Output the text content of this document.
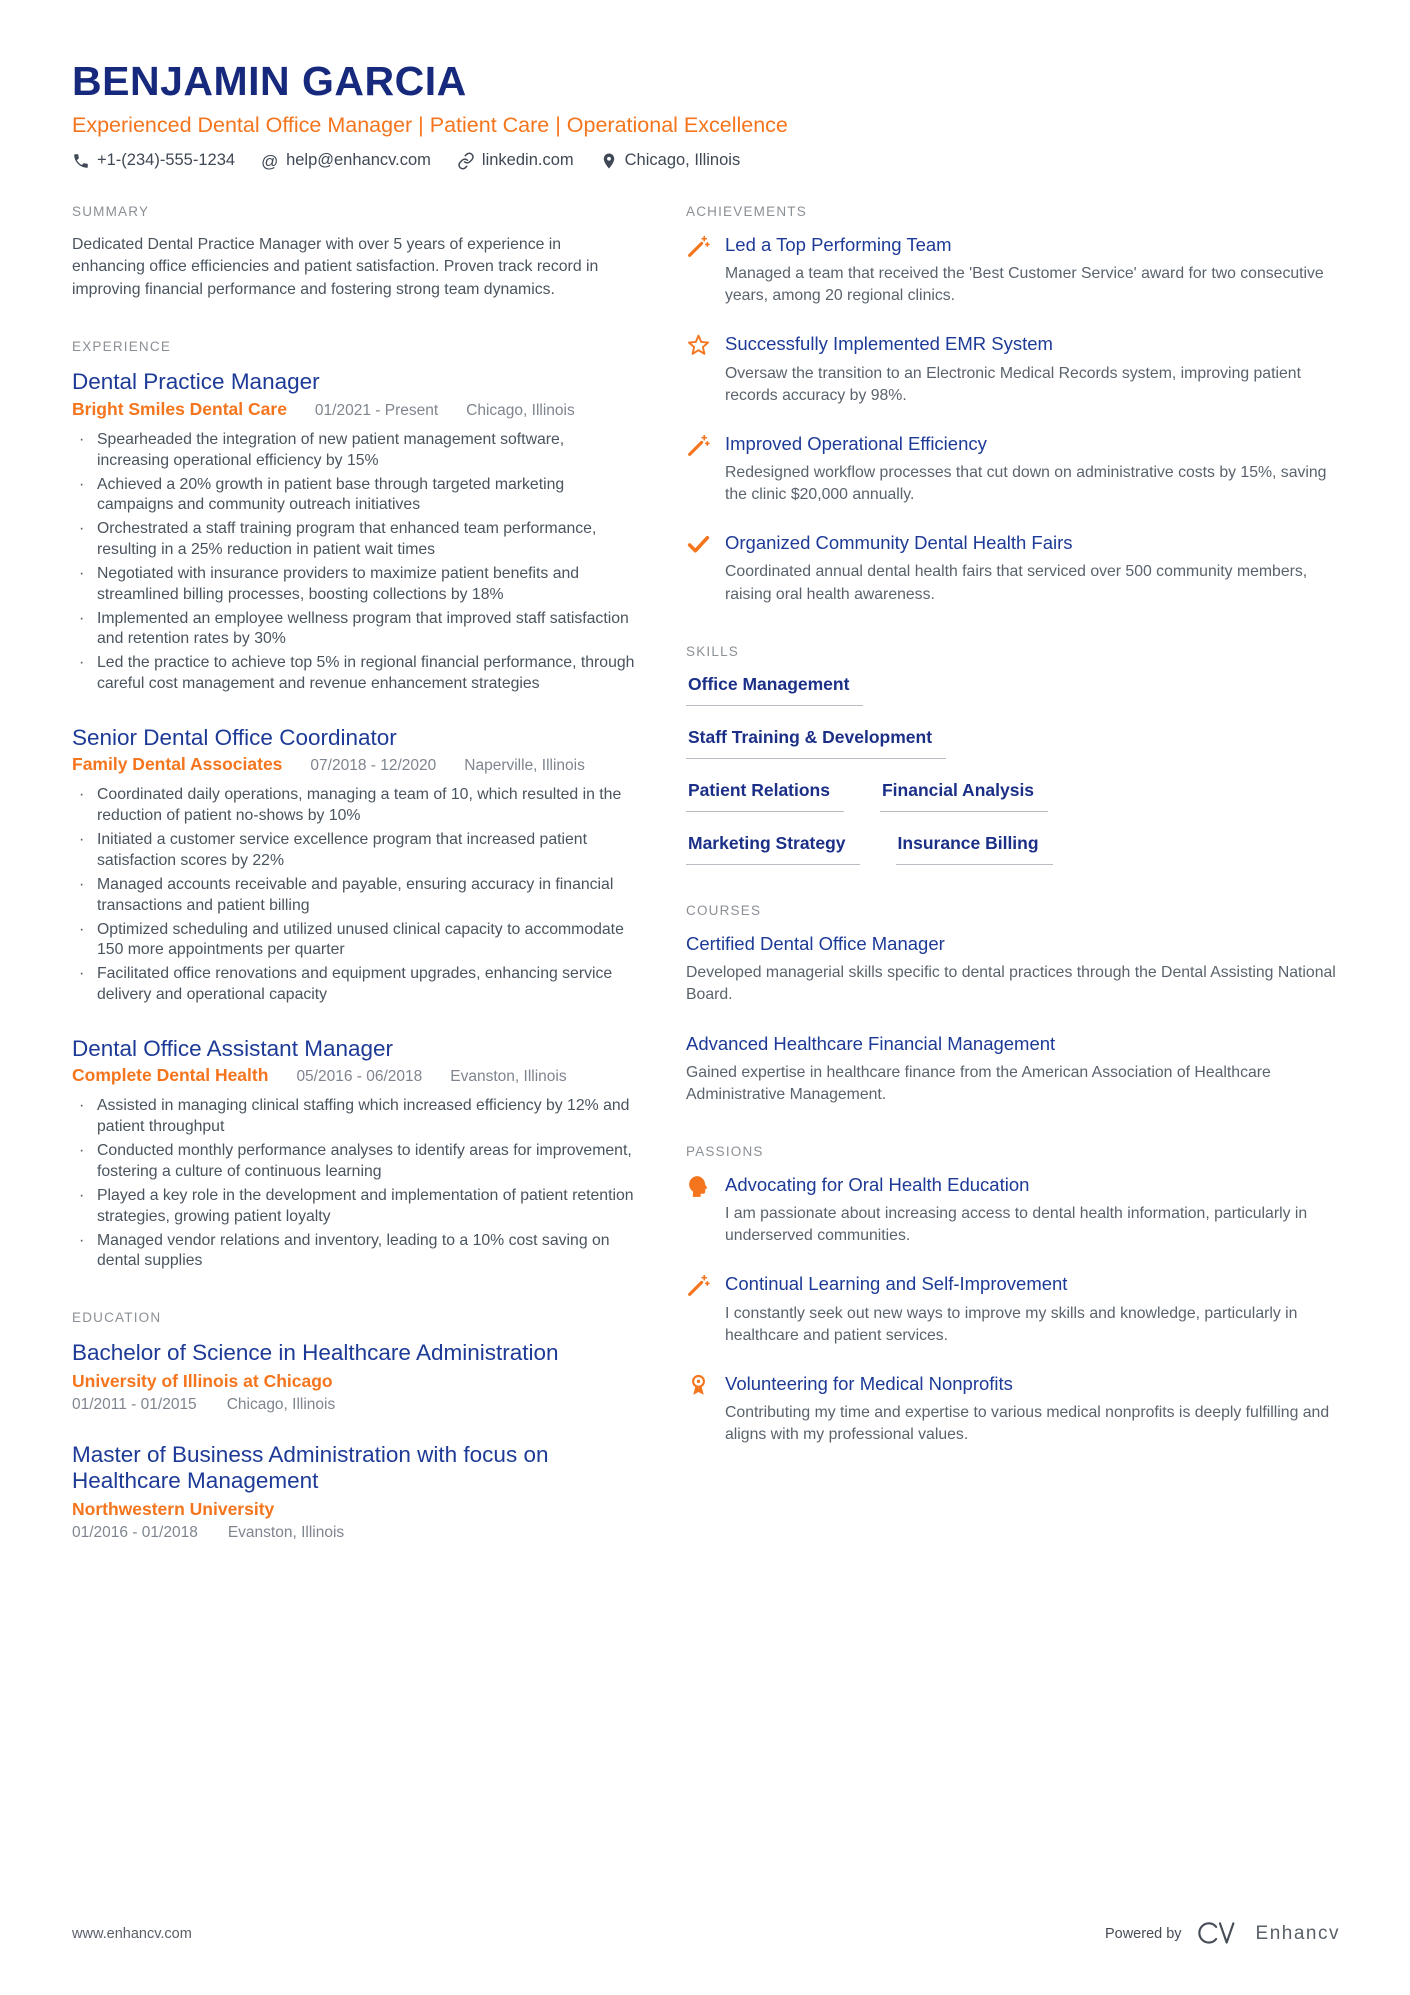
BENJAMIN GARCIA
Experienced Dental Office Manager | Patient Care | Operational Excellence
+1-(234)-555-1234 @ help@enhancv.com	linkedin.com	Chicago, Illinois
SUMMARY

Dedicated Dental Practice Manager with over 5 years of experience in enhancing office efficiencies and patient satisfaction. Proven track record in improving financial performance and fostering strong team dynamics.

EXPERIENCE
Dental Practice Manager
Bright Smiles Dental Care 01/2021 - Present Chicago, Illinois
· Spearheaded the integration of new patient management software, increasing operational efficiency by 15%
· Achieved a 20% growth in patient base through targeted marketing campaigns and community outreach initiatives
· Orchestrated a staff training program that enhanced team performance, resulting in a 25% reduction in patient wait times
· Negotiated with insurance providers to maximize patient benefits and streamlined billing processes, boosting collections by 18%
· Implemented an employee wellness program that improved staff satisfaction and retention rates by 30%
· Led the practice to achieve top 5% in regional financial performance, through careful cost management and revenue enhancement strategies
Senior Dental Office Coordinator
Family Dental Associates 07/2018 - 12/2020 Naperville, Illinois
· Coordinated daily operations, managing a team of 10, which resulted in the reduction of patient no-shows by 10%
· Initiated a customer service excellence program that increased patient satisfaction scores by 22%
· Managed accounts receivable and payable, ensuring accuracy in financial transactions and patient billing
· Optimized scheduling and utilized unused clinical capacity to accommodate 150 more appointments per quarter
· Facilitated office renovations and equipment upgrades, enhancing service delivery and operational capacity
Dental Office Assistant Manager
Complete Dental Health 05/2016 - 06/2018 Evanston, Illinois
· Assisted in managing clinical staffing which increased efficiency by 12% and patient throughput
· Conducted monthly performance analyses to identify areas for improvement, fostering a culture of continuous learning
· Played a key role in the development and implementation of patient retention strategies, growing patient loyalty
· Managed vendor relations and inventory, leading to a 10% cost saving on dental supplies
EDUCATION
Bachelor of Science in Healthcare Administration
University of Illinois at Chicago
01/2011 - 01/2015 Chicago, Illinois
Master of Business Administration with focus on Healthcare Management
Northwestern University
01/2016 - 01/2018 Evanston, Illinois
ACHIEVEMENTS
Led a Top Performing Team
Managed a team that received the 'Best Customer Service' award for two consecutive years, among 20 regional clinics.
Successfully Implemented EMR System
Oversaw the transition to an Electronic Medical Records system, improving patient records accuracy by 98%.
Improved Operational Efficiency
Redesigned workflow processes that cut down on administrative costs by 15%, saving the clinic $20,000 annually.
Organized Community Dental Health Fairs
Coordinated annual dental health fairs that serviced over 500 community members, raising oral health awareness.
SKILLS
Office Management
Staff Training & Development
Patient Relations	Financial Analysis
Marketing Strategy	Insurance Billing
COURSES
Certified Dental Office Manager
Developed managerial skills specific to dental practices through the Dental Assisting National Board.
Advanced Healthcare Financial Management
Gained expertise in healthcare finance from the American Association of Healthcare Administrative Management.
PASSIONS
Advocating for Oral Health Education
I am passionate about increasing access to dental health information, particularly in underserved communities.
Continual Learning and Self-Improvement
I constantly seek out new ways to improve my skills and knowledge, particularly in healthcare and patient services.
Volunteering for Medical Nonprofits
Contributing my time and expertise to various medical nonprofits is deeply fulfilling and aligns with my professional values.
www.enhancv.com	Powered by	Enhancv
